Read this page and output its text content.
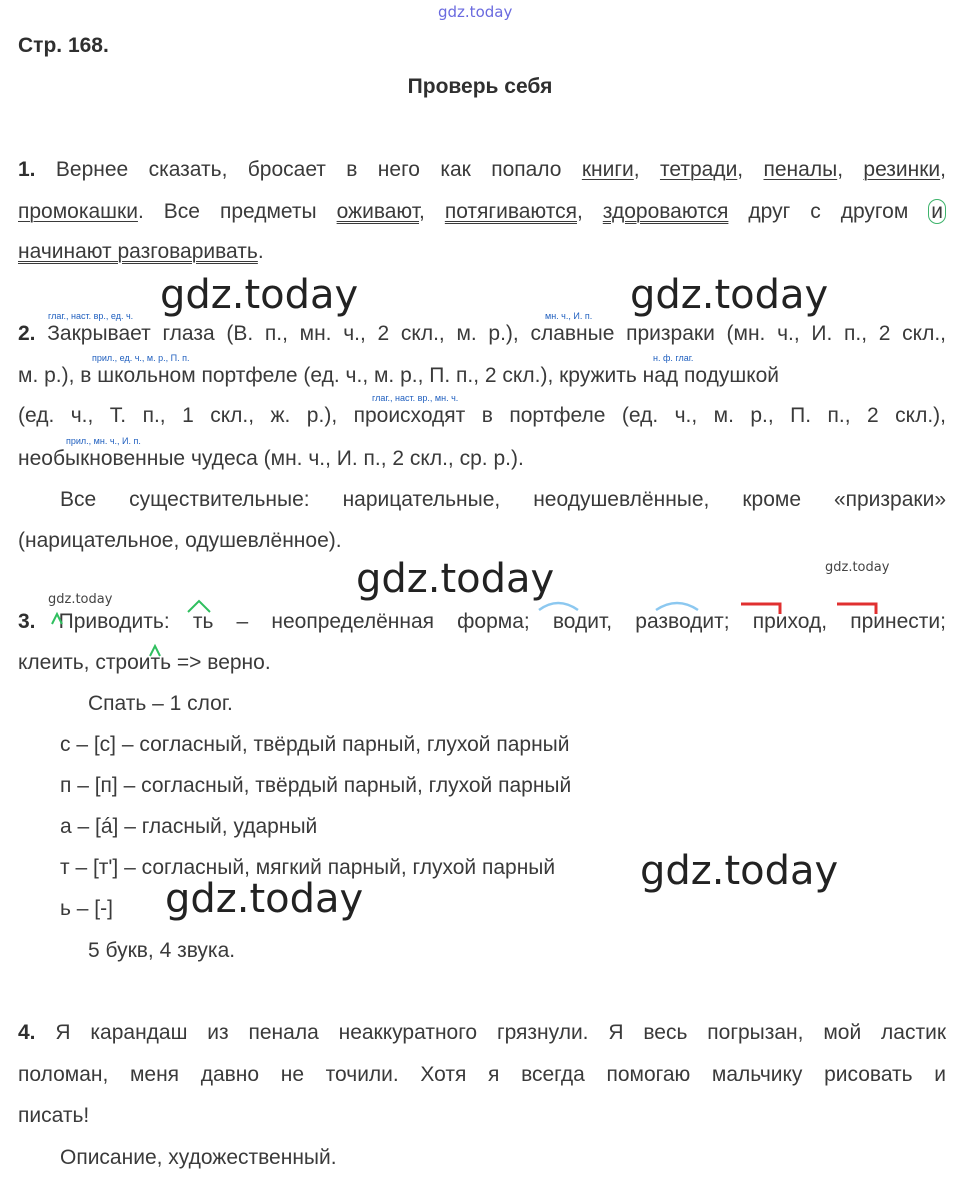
gdz.today
Стр. 168.
Проверь себя
1. Вернее сказать, бросает в него как попало книги, тетради, пеналы, резинки,
промокашки. Все предметы оживают, потягиваются, здороваются друг с другом и
начинают разговаривать.
gdz.today	gdz.today
глаг., наст. вр., ед. ч.	мн. ч., И. п.
прил., ед. ч., м. р., П. п.	н. ф. глаг.
глаг., наст. вр., мн. ч.
прил., мн. ч., И. п.
2. Закрывает глаза (В. п., мн. ч., 2 скл., м. р.), славные призраки (мн. ч., И. п., 2 скл.,
м. р.), в школьном портфеле (ед. ч., м. р., П. п., 2 скл.), кружить над подушкой
(ед. ч., Т. п., 1 скл., ж. р.), происходят в портфеле (ед. ч., м. р., П. п., 2 скл.),
необыкновенные чудеса (мн. ч., И. п., 2 скл., ср. р.).
Все существительные: нарицательные, неодушевлённые, кроме «призраки»
(нарицательное, одушевлённое).
gdz.today	gdz.today
gdz.today
3. Приводить: ть – неопределённая форма; водит, разводит; приход, принести;
клеить, строить => верно.
Спать – 1 слог.
с – [с] – согласный, твёрдый парный, глухой парный
п – [п] – согласный, твёрдый парный, глухой парный
а – [á] – гласный, ударный
т – [т'] – согласный, мягкий парный, глухой парный
ь – [-]
5 букв, 4 звука.
gdz.today
gdz.today
4. Я карандаш из пенала неаккуратного грязнули. Я весь погрызан, мой ластик
поломан, меня давно не точили. Хотя я всегда помогаю мальчику рисовать и
писать!
Описание, художественный.
